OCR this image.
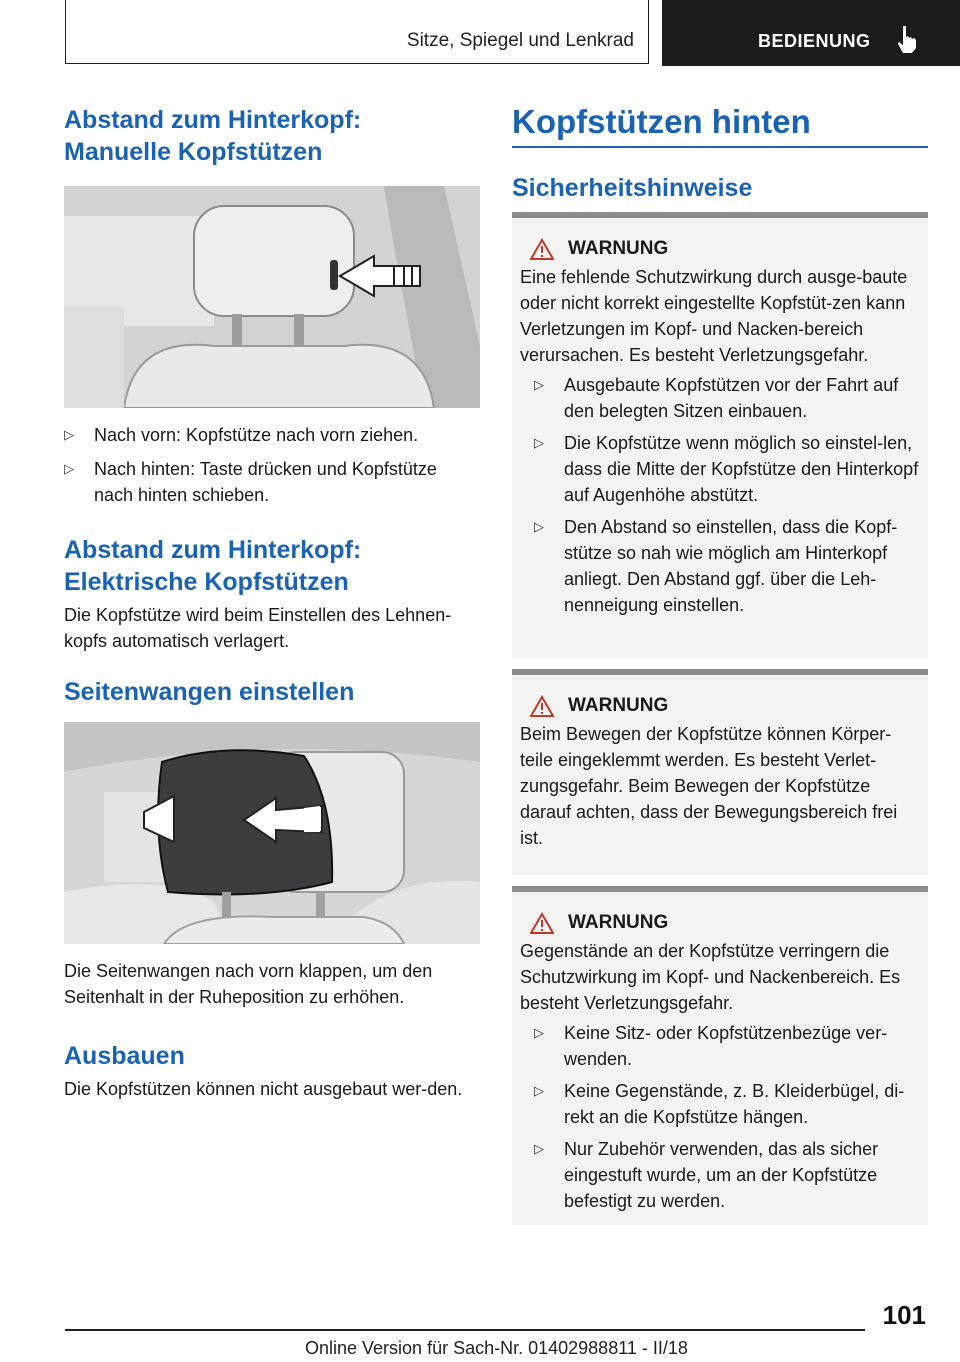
Sitze, Spiegel und Lenkrad	BEDIENUNG
Abstand zum Hinterkopf: Manuelle Kopfstützen
▷	Nach vorn: Kopfstütze nach vorn ziehen.
▷	Nach hinten: Taste drücken und Kopfstütze nach hinten schieben.
Abstand zum Hinterkopf: Elektrische Kopfstützen

Die Kopfstütze wird beim Einstellen des Lehnen-kopfs automatisch verlagert.

Seitenwangen einstellen

Die Seitenwangen nach vorn klappen, um den Seitenhalt in der Ruheposition zu erhöhen.

Ausbauen

Die Kopfstützen können nicht ausgebaut wer-den.

Kopfstützen hinten
Sicherheitshinweise
WARNUNG

Eine fehlende Schutzwirkung durch ausge-baute oder nicht korrekt eingestellte Kopfstüt-zen kann Verletzungen im Kopf- und Nacken-bereich verursachen. Es besteht Verletzungsgefahr.

▷	Ausgebaute Kopfstützen vor der Fahrt auf den belegten Sitzen einbauen.
▷	Die Kopfstütze wenn möglich so einstel-len, dass die Mitte der Kopfstütze den Hinterkopf auf Augenhöhe abstützt.
▷	Den Abstand so einstellen, dass die Kopf-stütze so nah wie möglich am Hinterkopf anliegt. Den Abstand ggf. über die Leh-nenneigung einstellen.
WARNUNG

Beim Bewegen der Kopfstütze können Körper-teile eingeklemmt werden. Es besteht Verlet-zungsgefahr. Beim Bewegen der Kopfstütze darauf achten, dass der Bewegungsbereich frei ist.

WARNUNG

Gegenstände an der Kopfstütze verringern die Schutzwirkung im Kopf- und Nackenbereich. Es besteht Verletzungsgefahr.

▷	Keine Sitz- oder Kopfstützenbezüge ver-wenden.
▷	Keine Gegenstände, z. B. Kleiderbügel, di-rekt an die Kopfstütze hängen.
▷	Nur Zubehör verwenden, das als sicher eingestuft wurde, um an der Kopfstütze befestigt zu werden.
101
Online Version für Sach-Nr. 01402988811 - II/18
